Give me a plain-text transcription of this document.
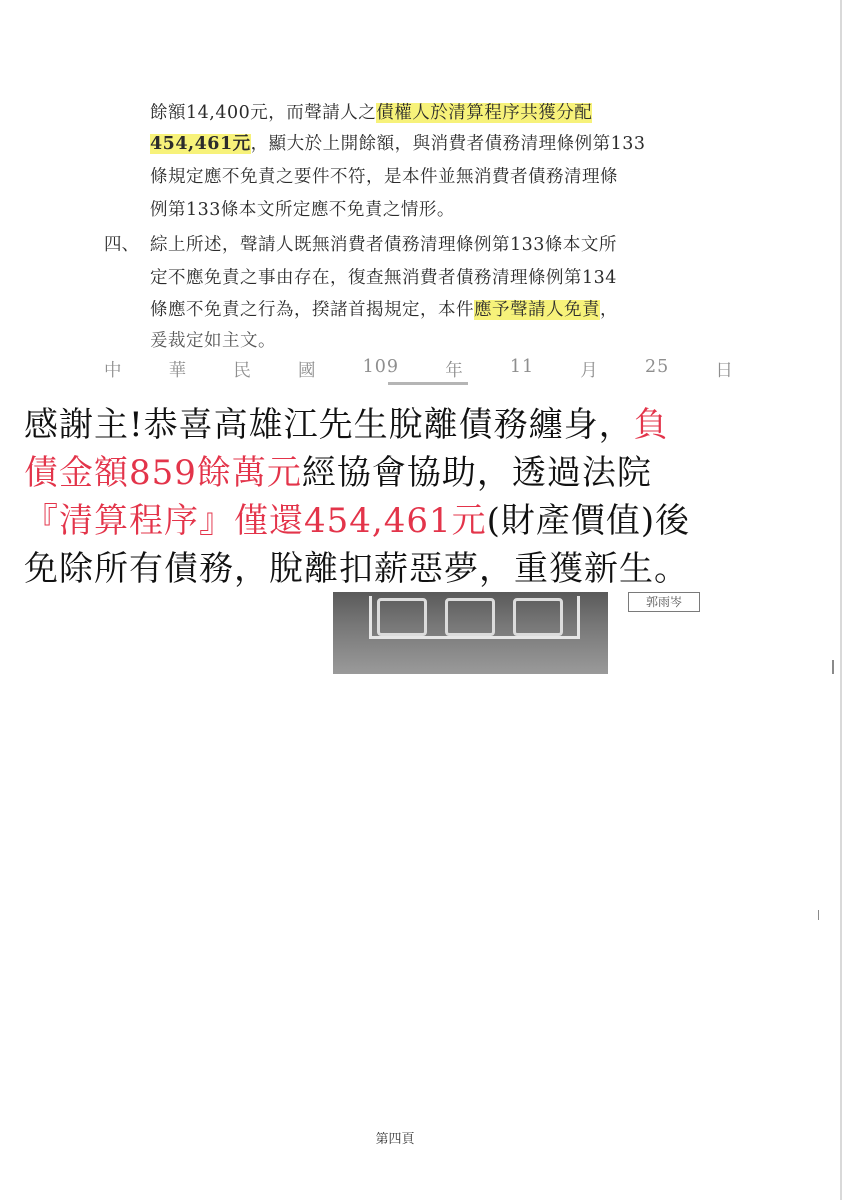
餘額14,400元，而聲請人之債權人於清算程序共獲分配
454,461元，顯大於上開餘額，與消費者債務清理條例第133
條規定應不免責之要件不符，是本件並無消費者債務清理條
例第133條本文所定應不免責之情形。
四、 綜上所述，聲請人既無消費者債務清理條例第133條本文所
定不應免責之事由存在，復查無消費者債務清理條例第134
條應不免責之行為，揆諸首揭規定，本件應予聲請人免責，
爰裁定如主文。
中	華	民	國	109	年	11	月	25	日
感謝主!恭喜高雄江先生脫離債務纏身，負
債金額859餘萬元經協會協助，透過法院
『清算程序』僅還454,461元(財產價值)後
免除所有債務，脫離扣薪惡夢，重獲新生。
郭雨岑
第四頁
